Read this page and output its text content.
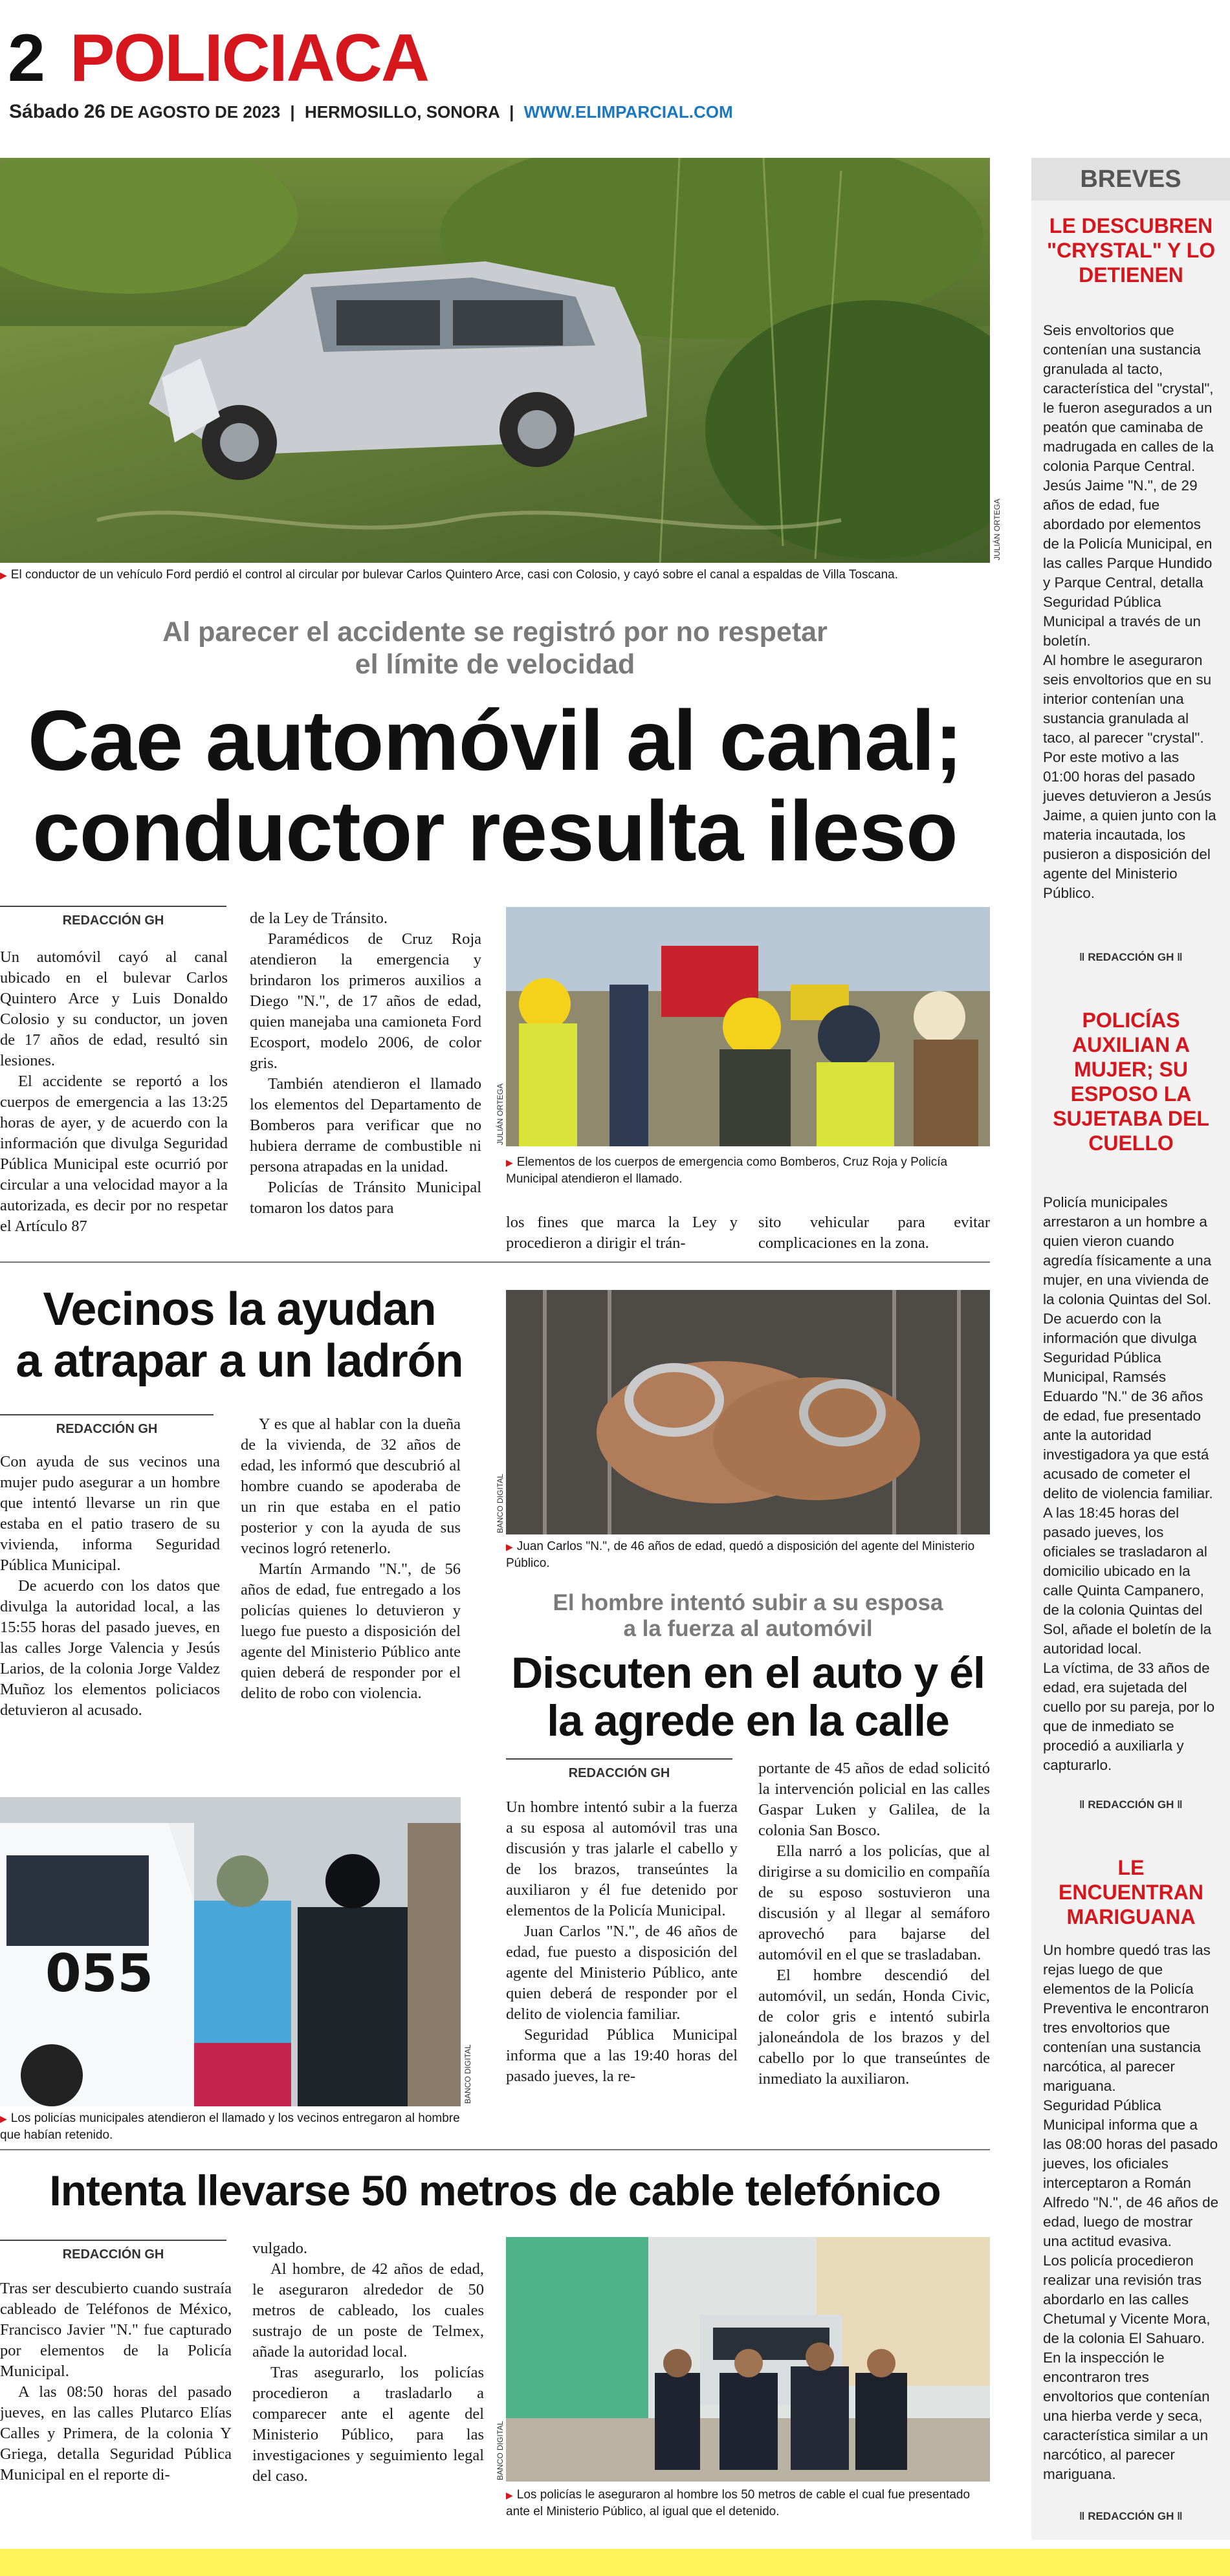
2 POLICIACA
Sábado 26 DE AGOSTO DE 2023 | HERMOSILLO, SONORA | WWW.ELIMPARCIAL.COM
JULIÁN ORTEGA
▶ El conductor de un vehículo Ford perdió el control al circular por bulevar Carlos Quintero Arce, casi con Colosio, y cayó sobre el canal a espaldas de Villa Toscana.
Al parecer el accidente se registró por no respetar
el límite de velocidad
Cae automóvil al canal;
conductor resulta ileso
REDACCIÓN GH

Un automóvil cayó al canal ubicado en el bulevar Carlos Quintero Arce y Luis Donaldo Colosio y su conductor, un joven de 17 años de edad, resultó sin lesiones.

El accidente se reportó a los cuerpos de emergencia a las 13:25 horas de ayer, y de acuerdo con la información que divulga Seguridad Pública Municipal este ocurrió por circular a una velocidad mayor a la autorizada, es decir por no respetar el Artículo 87

de la Ley de Tránsito.

Paramédicos de Cruz Roja atendieron la emergencia y brindaron los primeros auxilios a Diego "N.", de 17 años de edad, quien manejaba una camioneta Ford Ecosport, modelo 2006, de color gris.

También atendieron el llamado los elementos del Departamento de Bomberos para verificar que no hubiera derrame de combustible ni persona atrapadas en la unidad.

Policías de Tránsito Municipal tomaron los datos para

JULIÁN ORTEGA
▶ Elementos de los cuerpos de emergencia como Bomberos, Cruz Roja y Policía Municipal atendieron el llamado.

los fines que marca la Ley y procedieron a dirigir el trán-

sito vehicular para evitar complicaciones en la zona.

Vecinos la ayudan
a atrapar a un ladrón
REDACCIÓN GH

Con ayuda de sus vecinos una mujer pudo asegurar a un hombre que intentó llevarse un rin que estaba en el patio trasero de su vivienda, informa Seguridad Pública Municipal.

De acuerdo con los datos que divulga la autoridad local, a las 15:55 horas del pasado jueves, en las calles Jorge Valencia y Jesús Larios, de la colonia Jorge Valdez Muñoz los elementos policiacos detuvieron al acusado.

Y es que al hablar con la dueña de la vivienda, de 32 años de edad, les informó que descubrió al hombre cuando se apoderaba de un rin que estaba en el patio posterior y con la ayuda de sus vecinos logró retenerlo.

Martín Armando "N.", de 56 años de edad, fue entregado a los policías quienes lo detuvieron y luego fue puesto a disposición del agente del Ministerio Público ante quien deberá de responder por el delito de robo con violencia.

055
BANCO DIGITAL
▶ Los policías municipales atendieron el llamado y los vecinos entregaron al hombre que habían retenido.
BANCO DIGITAL
▶ Juan Carlos "N.", de 46 años de edad, quedó a disposición del agente del Ministerio Público.
El hombre intentó subir a su esposa
a la fuerza al automóvil
Discuten en el auto y él
la agrede en la calle
REDACCIÓN GH

Un hombre intentó subir a la fuerza a su esposa al automóvil tras una discusión y tras jalarle el cabello y de los brazos, transeúntes la auxiliaron y él fue detenido por elementos de la Policía Municipal.

Juan Carlos "N.", de 46 años de edad, fue puesto a disposición del agente del Ministerio Público, ante quien deberá de responder por el delito de violencia familiar.

Seguridad Pública Municipal informa que a las 19:40 horas del pasado jueves, la re-

portante de 45 años de edad solicitó la intervención policial en las calles Gaspar Luken y Galilea, de la colonia San Bosco.

Ella narró a los policías, que al dirigirse a su domicilio en compañía de su esposo sostuvieron una discusión y al llegar al semáforo aprovechó para bajarse del automóvil en el que se trasladaban.

El hombre descendió del automóvil, un sedán, Honda Civic, de color gris e intentó subirla jaloneándola de los brazos y del cabello por lo que transeúntes de inmediato la auxiliaron.

Intenta llevarse 50 metros de cable telefónico
REDACCIÓN GH

Tras ser descubierto cuando sustraía cableado de Teléfonos de México, Francisco Javier "N." fue capturado por elementos de la Policía Municipal.

A las 08:50 horas del pasado jueves, en las calles Plutarco Elías Calles y Primera, de la colonia Y Griega, detalla Seguridad Pública Municipal en el reporte di-

vulgado.

Al hombre, de 42 años de edad, le aseguraron alrededor de 50 metros de cableado, los cuales sustrajo de un poste de Telmex, añade la autoridad local.

Tras asegurarlo, los policías procedieron a trasladarlo a comparecer ante el agente del Ministerio Público, para las investigaciones y seguimiento legal del caso.	BANCO DIGITAL
▶ Los policías le aseguraron al hombre los 50 metros de cable el cual fue presentado ante el Ministerio Público, al igual que el detenido.
BREVES
LE DESCUBREN "CRYSTAL" Y LO DETIENEN

Seis envoltorios que contenían una sustancia granulada al tacto, característica del "crystal", le fueron asegurados a un peatón que caminaba de madrugada en calles de la colonia Parque Central.

Jesús Jaime "N.", de 29 años de edad, fue abordado por elementos de la Policía Municipal, en las calles Parque Hundido y Parque Central, detalla Seguridad Pública Municipal a través de un boletín.

Al hombre le aseguraron seis envoltorios que en su interior contenían una sustancia granulada al taco, al parecer "crystal". Por este motivo a las 01:00 horas del pasado jueves detuvieron a Jesús Jaime, a quien junto con la materia incautada, los pusieron a disposición del agente del Ministerio Público.

‖ REDACCIÓN GH ‖
POLICÍAS AUXILIAN A MUJER; SU ESPOSO LA SUJETABA DEL CUELLO

Policía municipales arrestaron a un hombre a quien vieron cuando agredía físicamente a una mujer, en una vivienda de la colonia Quintas del Sol.

De acuerdo con la información que divulga Seguridad Pública Municipal, Ramsés Eduardo "N." de 36 años de edad, fue presentado ante la autoridad investigadora ya que está acusado de cometer el delito de violencia familiar.

A las 18:45 horas del pasado jueves, los oficiales se trasladaron al domicilio ubicado en la calle Quinta Campanero, de la colonia Quintas del Sol, añade el boletín de la autoridad local.

La víctima, de 33 años de edad, era sujetada del cuello por su pareja, por lo que de inmediato se procedió a auxiliarla y capturarlo.

‖ REDACCIÓN GH ‖
LE ENCUENTRAN MARIGUANA

Un hombre quedó tras las rejas luego de que elementos de la Policía Preventiva le encontraron tres envoltorios que contenían una sustancia narcótica, al parecer mariguana.

Seguridad Pública Municipal informa que a las 08:00 horas del pasado jueves, los oficiales interceptaron a Román Alfredo "N.", de 46 años de edad, luego de mostrar una actitud evasiva.

Los policía procedieron realizar una revisión tras abordarlo en las calles Chetumal y Vicente Mora, de la colonia El Sahuaro.

En la inspección le encontraron tres envoltorios que contenían una hierba verde y seca, característica similar a un narcótico, al parecer mariguana.

‖ REDACCIÓN GH ‖
